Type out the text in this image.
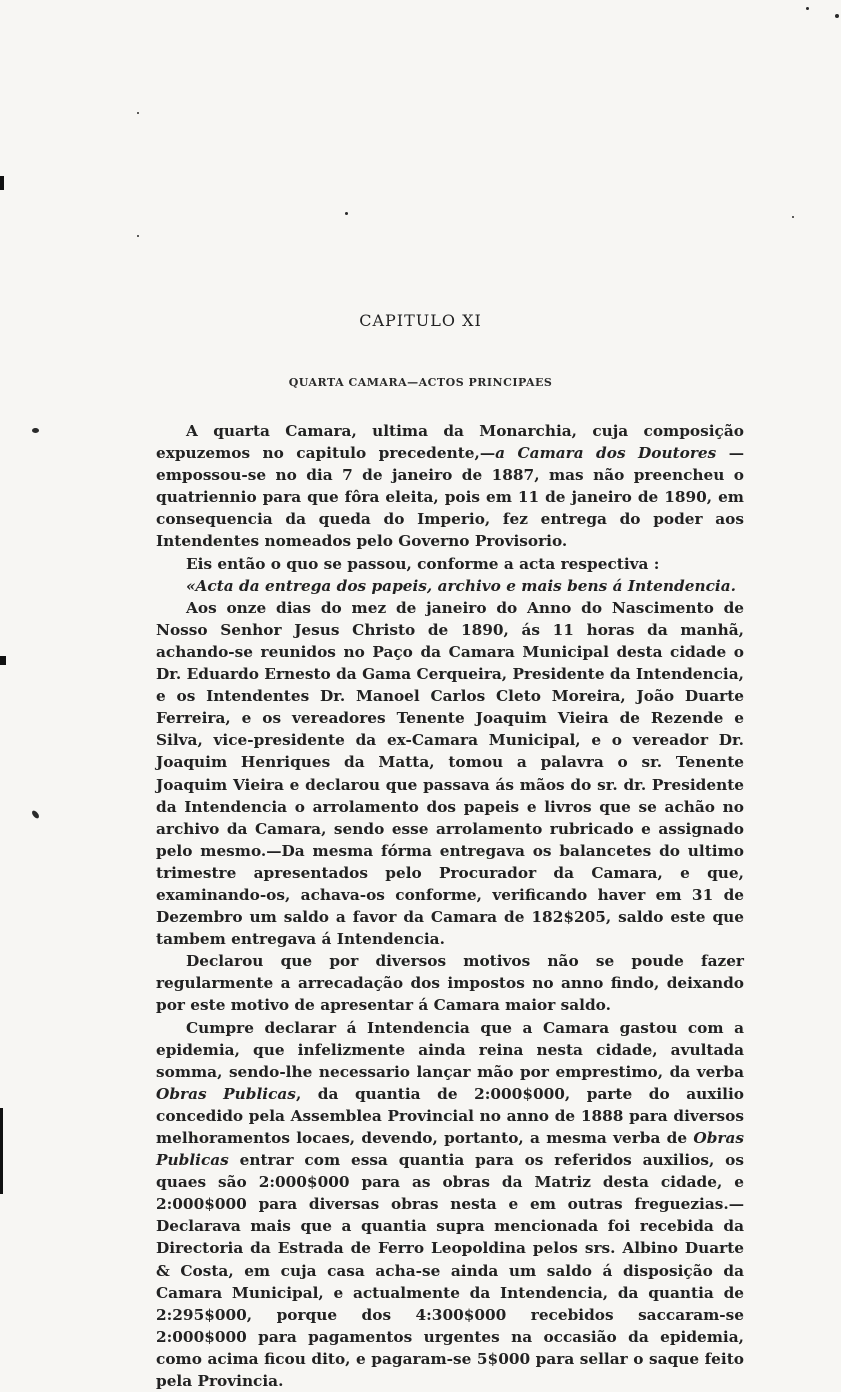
CAPITULO XI
QUARTA CAMARA—ACTOS PRINCIPAES

A quarta Camara, ultima da Monarchia, cuja composição expuzemos no capitulo precedente,—a Camara dos Doutores —empossou-se no dia 7 de janeiro de 1887, mas não preencheu o quatriennio para que fôra eleita, pois em 11 de janeiro de 1890, em consequencia da queda do Imperio, fez entrega do poder aos Intendentes nomeados pelo Governo Provisorio.

Eis então o quo se passou, conforme a acta respectiva :

«Acta da entrega dos papeis, archivo e mais bens á Intendencia.

Aos onze dias do mez de janeiro do Anno do Nascimento de Nosso Senhor Jesus Christo de 1890, ás 11 horas da manhã, achando-se reunidos no Paço da Camara Municipal desta cidade o Dr. Eduardo Ernesto da Gama Cerqueira, Presidente da Intendencia, e os Intendentes Dr. Manoel Carlos Cleto Moreira, João Duarte Ferreira, e os vereadores Tenente Joaquim Vieira de Rezende e Silva, vice-presidente da ex-Camara Municipal, e o vereador Dr. Joaquim Henriques da Matta, tomou a palavra o sr. Tenente Joaquim Vieira e declarou que passava ás mãos do sr. dr. Presidente da Intendencia o arrolamento dos papeis e livros que se achão no archivo da Camara, sendo esse arrolamento rubricado e assignado pelo mesmo.—Da mesma fórma entregava os balancetes do ultimo trimestre apresentados pelo Procurador da Camara, e que, examinando-os, achava-os conforme, verificando haver em 31 de Dezembro um saldo a favor da Camara de 182$205, saldo este que tambem entregava á Intendencia.

Declarou que por diversos motivos não se poude fazer regularmente a arrecadação dos impostos no anno findo, deixando por este motivo de apresentar á Camara maior saldo.

Cumpre declarar á Intendencia que a Camara gastou com a epidemia, que infelizmente ainda reina nesta cidade, avultada somma, sendo-lhe necessario lançar mão por emprestimo, da verba Obras Publicas, da quantia de 2:000$000, parte do auxilio concedido pela Assemblea Provincial no anno de 1888 para diversos melhoramentos locaes, devendo, portanto, a mesma verba de Obras Publicas entrar com essa quantia para os referidos auxilios, os quaes são 2:000$000 para as obras da Matriz desta cidade, e 2:000$000 para diversas obras nesta e em outras freguezias.—Declarava mais que a quantia supra mencionada foi recebida da Directoria da Estrada de Ferro Leopoldina pelos srs. Albino Duarte & Costa, em cuja casa acha-se ainda um saldo á disposição da Camara Municipal, e actualmente da Intendencia, da quantia de 2:295$000, porque dos 4:300$000 recebidos saccaram-se 2:000$000 para pagamentos urgentes na occasião da epidemia, como acima ficou dito, e pagaram-se 5$000 para sellar o saque feito pela Provincia.
